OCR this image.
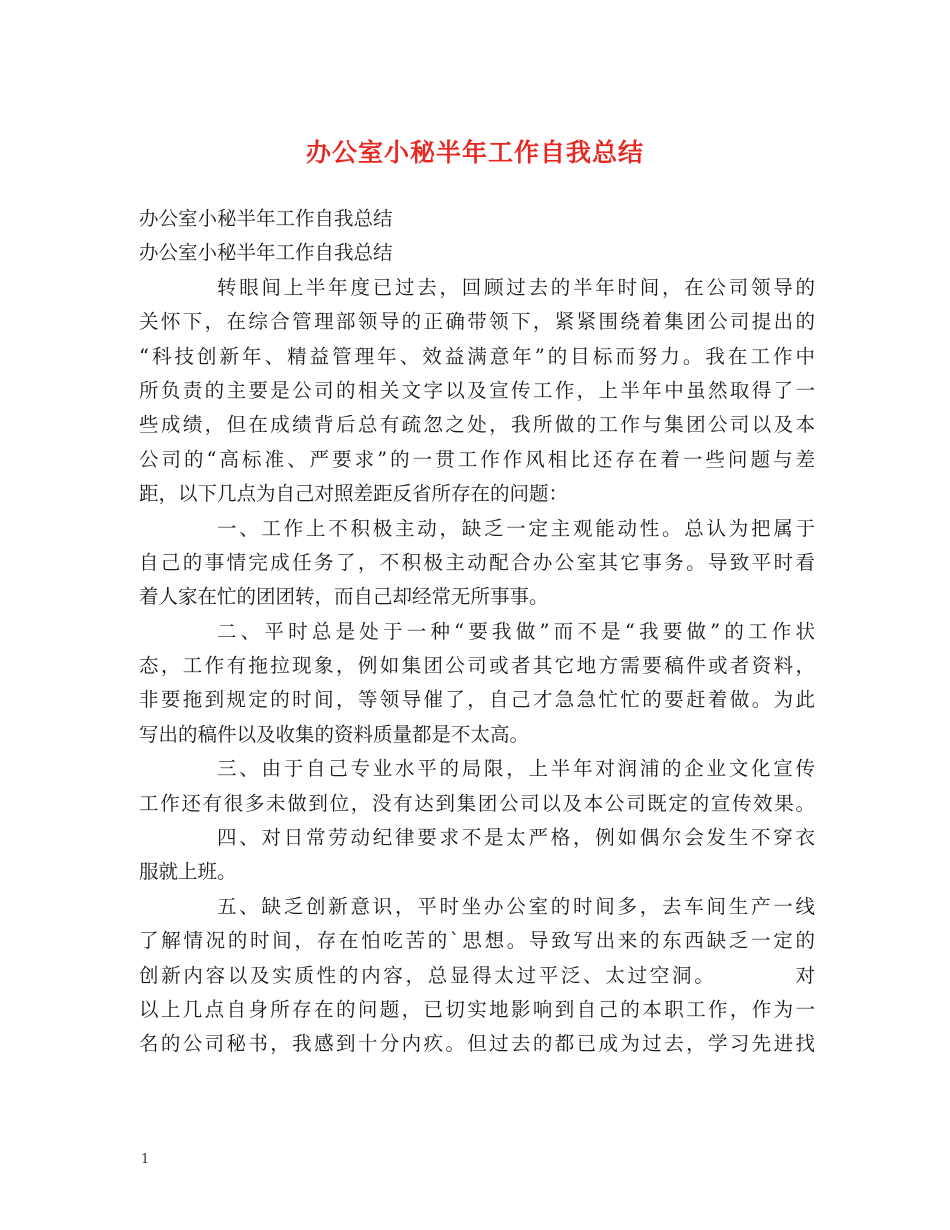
办公室小秘半年工作自我总结
办公室小秘半年工作自我总结
办公室小秘半年工作自我总结
转眼间上半年度已过去，回顾过去的半年时间，在公司领导的
关怀下，在综合管理部领导的正确带领下，紧紧围绕着集团公司提出的
“科技创新年、精益管理年、效益满意年”的目标而努力。我在工作中
所负责的主要是公司的相关文字以及宣传工作，上半年中虽然取得了一
些成绩，但在成绩背后总有疏忽之处，我所做的工作与集团公司以及本
公司的“高标准、严要求”的一贯工作作风相比还存在着一些问题与差
距，以下几点为自己对照差距反省所存在的问题：
一、工作上不积极主动，缺乏一定主观能动性。总认为把属于
自己的事情完成任务了，不积极主动配合办公室其它事务。导致平时看
着人家在忙的团团转，而自己却经常无所事事。
二、平时总是处于一种“要我做”而不是“我要做”的工作状
态，工作有拖拉现象，例如集团公司或者其它地方需要稿件或者资料，
非要拖到规定的时间，等领导催了，自己才急急忙忙的要赶着做。为此
写出的稿件以及收集的资料质量都是不太高。
三、由于自己专业水平的局限，上半年对润浦的企业文化宣传
工作还有很多未做到位，没有达到集团公司以及本公司既定的宣传效果。
四、对日常劳动纪律要求不是太严格，例如偶尔会发生不穿衣
服就上班。
五、缺乏创新意识，平时坐办公室的时间多，去车间生产一线
了解情况的时间，存在怕吃苦的`思想。导致写出来的东西缺乏一定的
创新内容以及实质性的内容，总显得太过平泛、太过空洞。　　　　对
以上几点自身所存在的问题，已切实地影响到自己的本职工作，作为一
名的公司秘书，我感到十分内疚。但过去的都已成为过去，学习先进找
1
